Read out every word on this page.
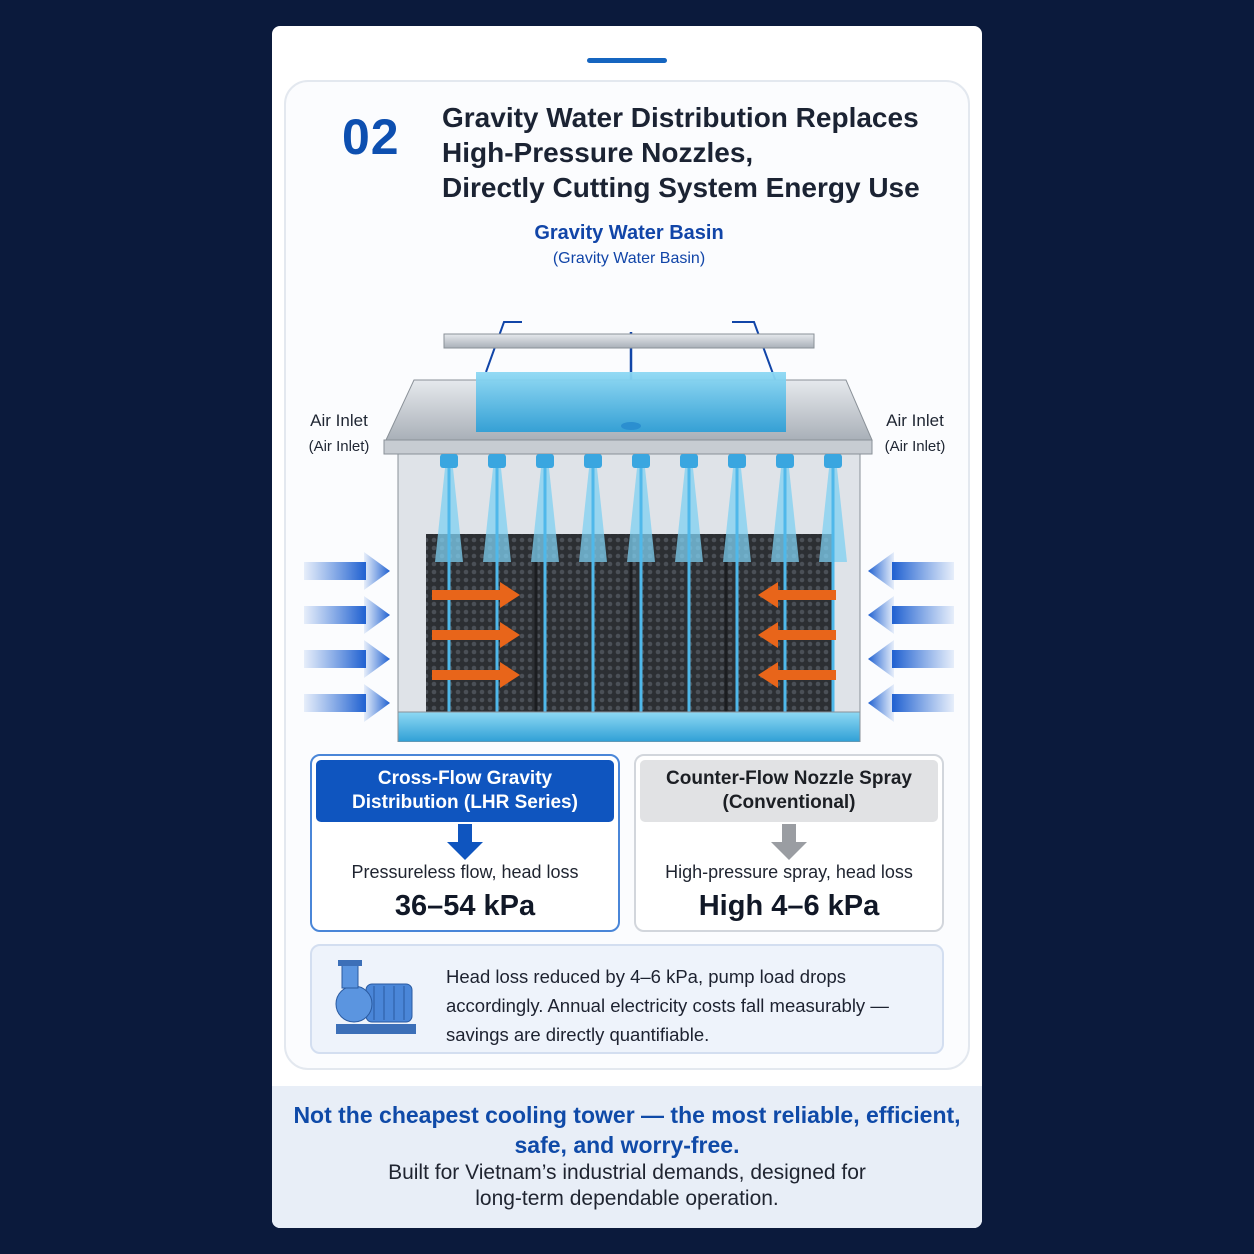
02 Gravity Water Distribution Replaces
High-Pressure Nozzles,
Directly Cutting System Energy Use
Gravity Water Basin
(Gravity Water Basin)
Air Inlet
(Air Inlet)
Air Inlet
(Air Inlet)
Cross-Flow Gravity
Distribution (LHR Series)
Pressureless flow, head loss
36–54 kPa
Counter-Flow Nozzle Spray
(Conventional)
High-pressure spray, head loss
High 4–6 kPa
Head loss reduced by 4–6 kPa, pump load drops
accordingly. Annual electricity costs fall measurably —
savings are directly quantifiable.
Not the cheapest cooling tower — the most reliable, efficient,
safe, and worry-free.
Built for Vietnam’s industrial demands, designed for
long-term dependable operation.
